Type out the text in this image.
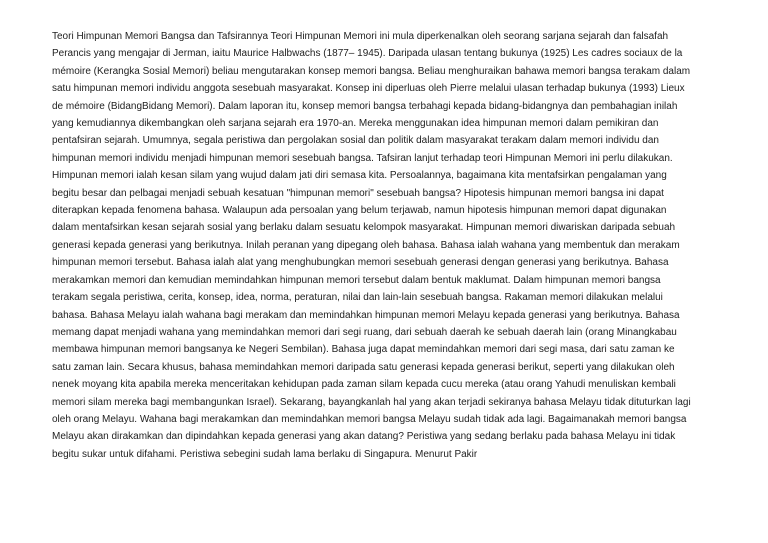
Teori Himpunan Memori Bangsa dan Tafsirannya Teori Himpunan Memori ini mula diperkenalkan oleh seorang sarjana sejarah dan falsafah
Perancis yang mengajar di Jerman, iaitu Maurice Halbwachs (1877– 1945). Daripada ulasan tentang bukunya (1925) Les cadres sociaux de la
mémoire (Kerangka Sosial Memori) beliau mengutarakan konsep memori bangsa. Beliau menghuraikan bahawa memori bangsa terakam dalam
satu himpunan memori individu anggota sesebuah masyarakat. Konsep ini diperluas oleh Pierre melalui ulasan terhadap bukunya (1993) Lieux
de mémoire (BidangBidang Memori). Dalam laporan itu, konsep memori bangsa terbahagi kepada bidang-bidangnya dan pembahagian inilah
yang kemudiannya dikembangkan oleh sarjana sejarah era 1970-an. Mereka menggunakan idea himpunan memori dalam pemikiran dan
pentafsiran sejarah. Umumnya, segala peristiwa dan pergolakan sosial dan politik dalam masyarakat terakam dalam memori individu dan
himpunan memori individu menjadi himpunan memori sesebuah bangsa. Tafsiran lanjut terhadap teori Himpunan Memori ini perlu dilakukan.
Himpunan memori ialah kesan silam yang wujud dalam jati diri semasa kita. Persoalannya, bagaimana kita mentafsirkan pengalaman yang
begitu besar dan pelbagai menjadi sebuah kesatuan "himpunan memori" sesebuah bangsa? Hipotesis himpunan memori bangsa ini dapat
diterapkan kepada fenomena bahasa. Walaupun ada persoalan yang belum terjawab, namun hipotesis himpunan memori dapat digunakan
dalam mentafsirkan kesan sejarah sosial yang berlaku dalam sesuatu kelompok masyarakat. Himpunan memori diwariskan daripada sebuah
generasi kepada generasi yang berikutnya. Inilah peranan yang dipegang oleh bahasa. Bahasa ialah wahana yang membentuk dan merakam
himpunan memori tersebut. Bahasa ialah alat yang menghubungkan memori sesebuah generasi dengan generasi yang berikutnya. Bahasa
merakamkan memori dan kemudian memindahkan himpunan memori tersebut dalam bentuk maklumat. Dalam himpunan memori bangsa
terakam segala peristiwa, cerita, konsep, idea, norma, peraturan, nilai dan lain-lain sesebuah bangsa. Rakaman memori dilakukan melalui
bahasa. Bahasa Melayu ialah wahana bagi merakam dan memindahkan himpunan memori Melayu kepada generasi yang berikutnya. Bahasa
memang dapat menjadi wahana yang memindahkan memori dari segi ruang, dari sebuah daerah ke sebuah daerah lain (orang Minangkabau
membawa himpunan memori bangsanya ke Negeri Sembilan). Bahasa juga dapat memindahkan memori dari segi masa, dari satu zaman ke
satu zaman lain. Secara khusus, bahasa memindahkan memori daripada satu generasi kepada generasi berikut, seperti yang dilakukan oleh
nenek moyang kita apabila mereka menceritakan kehidupan pada zaman silam kepada cucu mereka (atau orang Yahudi menuliskan kembali
memori silam mereka bagi membangunkan Israel). Sekarang, bayangkanlah hal yang akan terjadi sekiranya bahasa Melayu tidak dituturkan lagi
oleh orang Melayu. Wahana bagi merakamkan dan memindahkan memori bangsa Melayu sudah tidak ada lagi. Bagaimanakah memori bangsa
Melayu akan dirakamkan dan dipindahkan kepada generasi yang akan datang? Peristiwa yang sedang berlaku pada bahasa Melayu ini tidak
begitu sukar untuk difahami. Peristiwa sebegini sudah lama berlaku di Singapura. Menurut Pakir
